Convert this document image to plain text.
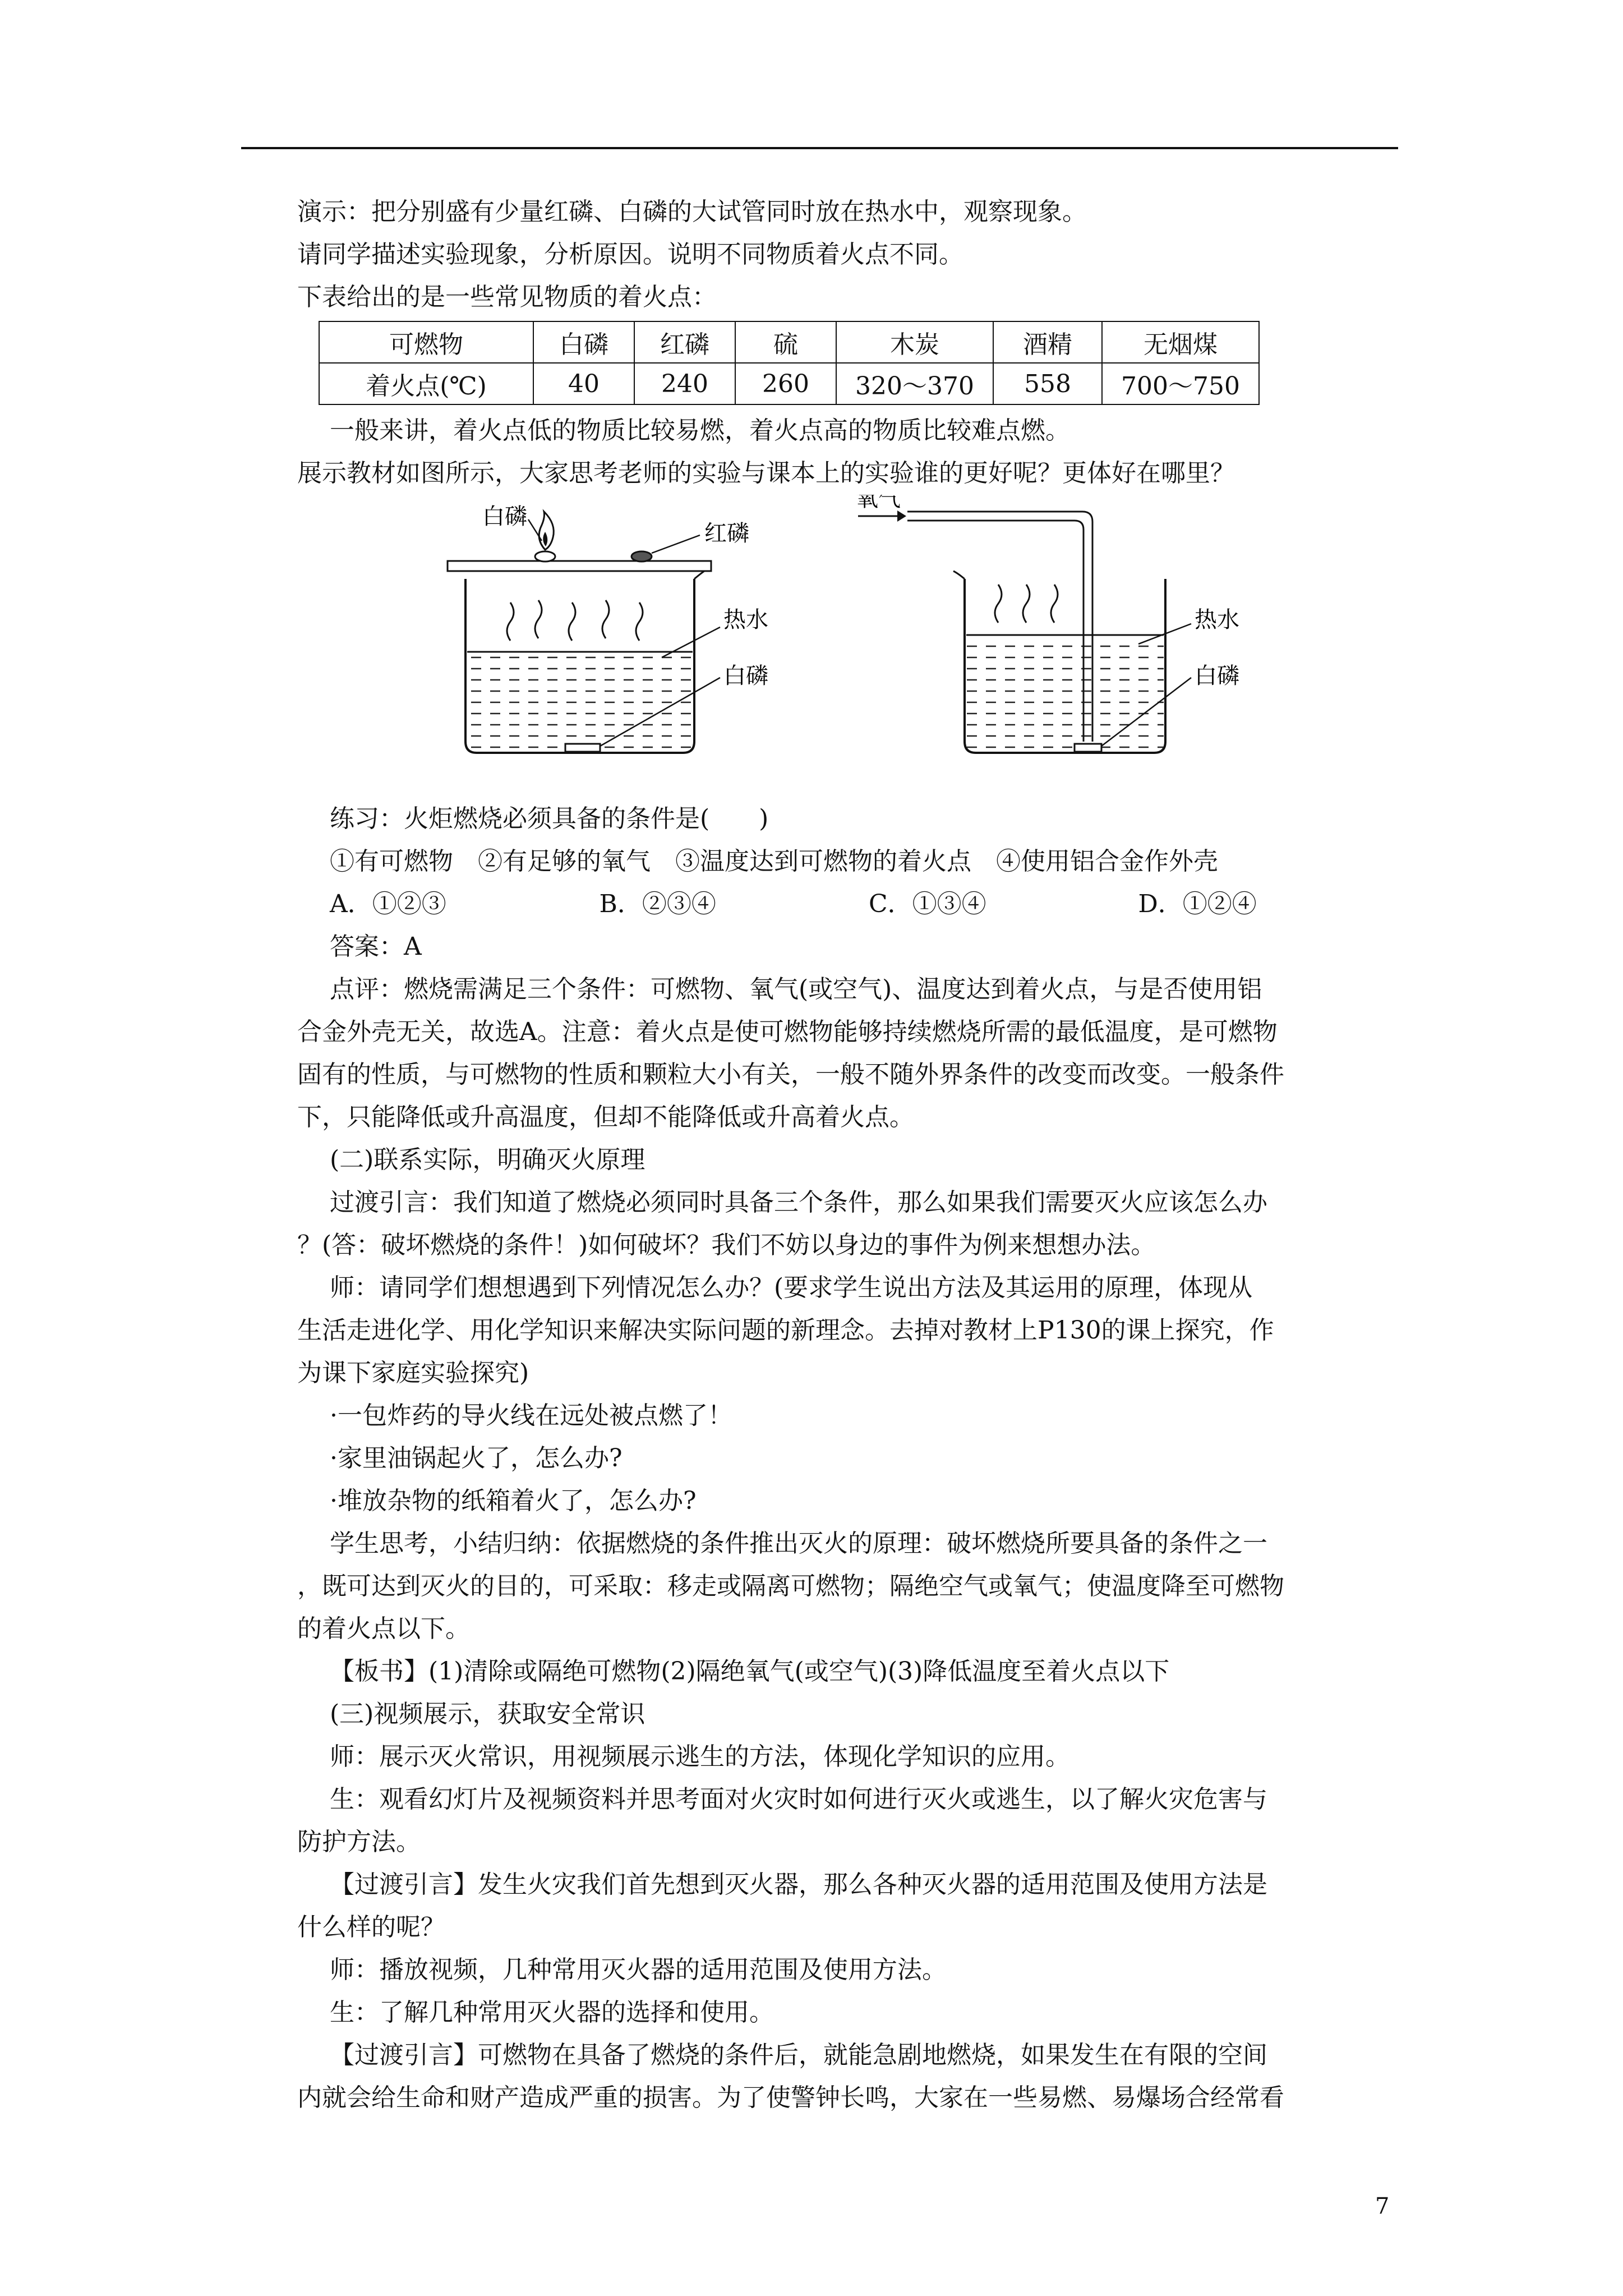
演示：把分别盛有少量红磷、白磷的大试管同时放在热水中，观察现象。

请同学描述实验现象，分析原因。说明不同物质着火点不同。

下表给出的是一些常见物质的着火点：

可燃物	白磷	红磷	硫	木炭	酒精	无烟煤
着火点(℃)	40	240	260	320～370	558	700～750

一般来讲，着火点低的物质比较易燃，着火点高的物质比较难点燃。

展示教材如图所示，大家思考老师的实验与课本上的实验谁的更好呢？更体好在哪里？

白磷
红磷
热水
白磷
氧气
热水
白磷

练习：火炬燃烧必须具备的条件是(　　)

①有可燃物　②有足够的氧气　③温度达到可燃物的着火点　④使用铝合金作外壳

A．①②③	B．②③④	C．①③④	D．①②④

答案：A

点评：燃烧需满足三个条件：可燃物、氧气(或空气)、温度达到着火点，与是否使用铝

合金外壳无关，故选A。注意：着火点是使可燃物能够持续燃烧所需的最低温度，是可燃物

固有的性质，与可燃物的性质和颗粒大小有关，一般不随外界条件的改变而改变。一般条件

下，只能降低或升高温度，但却不能降低或升高着火点。

(二)联系实际，明确灭火原理

过渡引言：我们知道了燃烧必须同时具备三个条件，那么如果我们需要灭火应该怎么办

？(答：破坏燃烧的条件！)如何破坏？我们不妨以身边的事件为例来想想办法。

师：请同学们想想遇到下列情况怎么办？(要求学生说出方法及其运用的原理，体现从

生活走进化学、用化学知识来解决实际问题的新理念。去掉对教材上P130的课上探究，作

为课下家庭实验探究)

·一包炸药的导火线在远处被点燃了！

·家里油锅起火了，怎么办?

·堆放杂物的纸箱着火了，怎么办?

学生思考，小结归纳：依据燃烧的条件推出灭火的原理：破坏燃烧所要具备的条件之一

，既可达到灭火的目的，可采取：移走或隔离可燃物；隔绝空气或氧气；使温度降至可燃物

的着火点以下。

【板书】(1)清除或隔绝可燃物(2)隔绝氧气(或空气)(3)降低温度至着火点以下

(三)视频展示，获取安全常识

师：展示灭火常识，用视频展示逃生的方法，体现化学知识的应用。

生：观看幻灯片及视频资料并思考面对火灾时如何进行灭火或逃生，以了解火灾危害与

防护方法。

【过渡引言】发生火灾我们首先想到灭火器，那么各种灭火器的适用范围及使用方法是

什么样的呢？

师：播放视频，几种常用灭火器的适用范围及使用方法。

生：了解几种常用灭火器的选择和使用。

【过渡引言】可燃物在具备了燃烧的条件后，就能急剧地燃烧，如果发生在有限的空间

内就会给生命和财产造成严重的损害。为了使警钟长鸣，大家在一些易燃、易爆场合经常看

7
